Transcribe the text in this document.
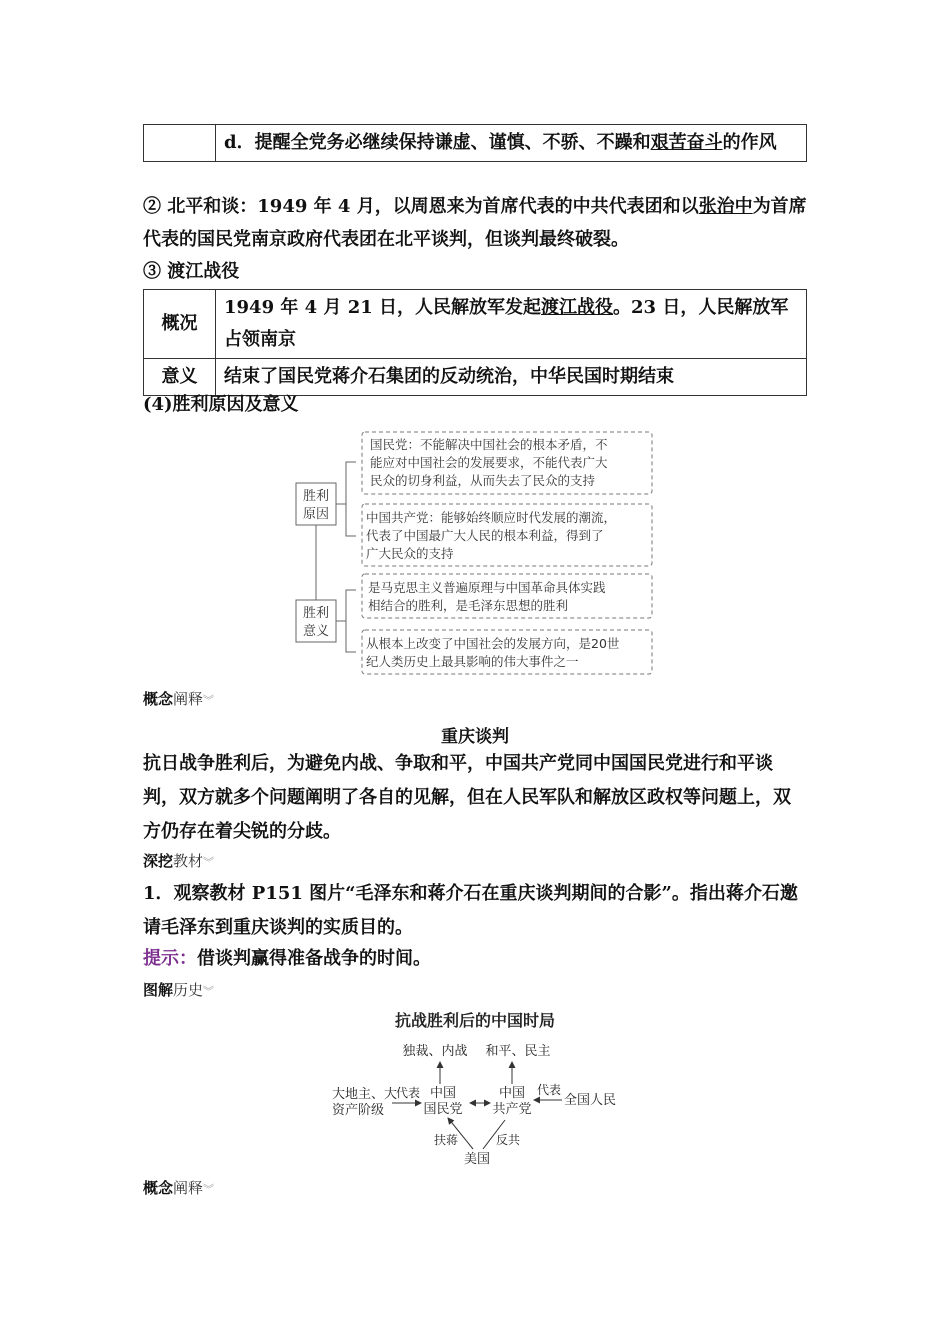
	d．提醒全党务必继续保持谦虚、谨慎、不骄、不躁和艰苦奋斗的作风
② 北平和谈：1949 年 4 月，以周恩来为首席代表的中共代表团和以张治中为首席代表的国民党南京政府代表团在北平谈判，但谈判最终破裂。
③ 渡江战役
概况	1949 年 4 月 21 日，人民解放军发起渡江战役。23 日，人民解放军占领南京
意义	结束了国民党蒋介石集团的反动统治，中华民国时期结束
(4)胜利原因及意义
胜利
原因
胜利
意义
国民党：不能解决中国社会的根本矛盾，不
能应对中国社会的发展要求，不能代表广大
民众的切身利益，从而失去了民众的支持
中国共产党：能够始终顺应时代发展的潮流，
代表了中国最广大人民的根本利益，得到了
广大民众的支持
是马克思主义普遍原理与中国革命具体实践
相结合的胜利，是毛泽东思想的胜利
从根本上改变了中国社会的发展方向，是20世
纪人类历史上最具影响的伟大事件之一
概念阐释︾
重庆谈判
抗日战争胜利后，为避免内战、争取和平，中国共产党同中国国民党进行和平谈判，双方就多个问题阐明了各自的见解，但在人民军队和解放区政权等问题上，双方仍存在着尖锐的分歧。
深挖教材︾
1．观察教材 P151 图片“毛泽东和蒋介石在重庆谈判期间的合影”。指出蒋介石邀请毛泽东到重庆谈判的实质目的。
提示：借谈判赢得准备战争的时间。
图解历史︾
抗战胜利后的中国时局
独裁、内战 和平、民主
大地主、大
资产阶级
代表 中国
国民党
中国
共产党
代表
全国人民
扶蒋	反共
美国
概念阐释︾
